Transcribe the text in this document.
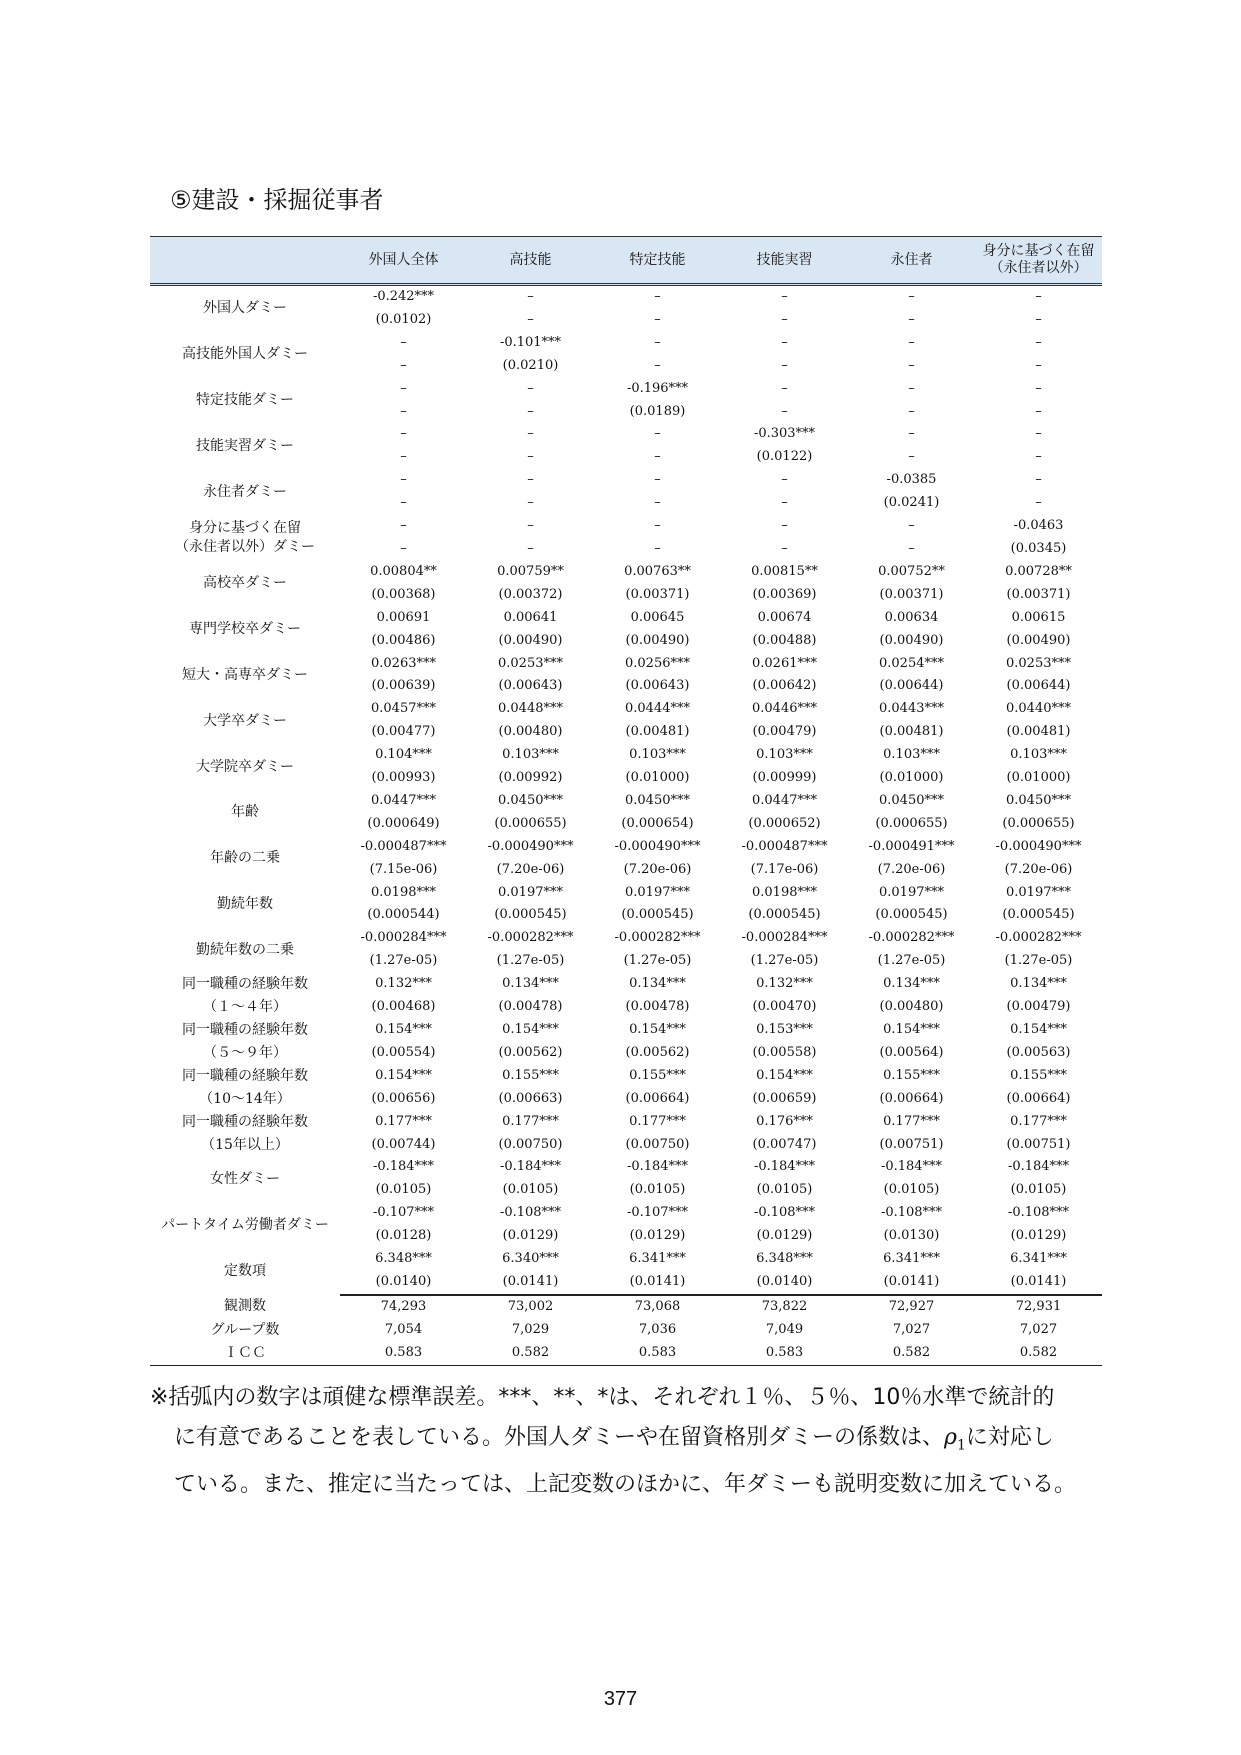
⑤建設・採掘従事者
	外国人全体	高技能	特定技能	技能実習	永住者	身分に基づく在留
（永住者以外）
外国人ダミー	-0.242***	–	–	–	–	–
	(0.0102)	–	–	–	–	–
高技能外国人ダミー	–	-0.101***	–	–	–	–
	–	(0.0210)	–	–	–	–
特定技能ダミー	–	–	-0.196***	–	–	–
	–	–	(0.0189)	–	–	–
技能実習ダミー	–	–	–	-0.303***	–	–
	–	–	–	(0.0122)	–	–
永住者ダミー	–	–	–	–	-0.0385	–
	–	–	–	–	(0.0241)	–
身分に基づく在留
（永住者以外）ダミー	–	–	–	–	–	-0.0463
	–	–	–	–	–	(0.0345)
高校卒ダミー	0.00804**	0.00759**	0.00763**	0.00815**	0.00752**	0.00728**
	(0.00368)	(0.00372)	(0.00371)	(0.00369)	(0.00371)	(0.00371)
専門学校卒ダミー	0.00691	0.00641	0.00645	0.00674	0.00634	0.00615
	(0.00486)	(0.00490)	(0.00490)	(0.00488)	(0.00490)	(0.00490)
短大・高専卒ダミー	0.0263***	0.0253***	0.0256***	0.0261***	0.0254***	0.0253***
	(0.00639)	(0.00643)	(0.00643)	(0.00642)	(0.00644)	(0.00644)
大学卒ダミー	0.0457***	0.0448***	0.0444***	0.0446***	0.0443***	0.0440***
	(0.00477)	(0.00480)	(0.00481)	(0.00479)	(0.00481)	(0.00481)
大学院卒ダミー	0.104***	0.103***	0.103***	0.103***	0.103***	0.103***
	(0.00993)	(0.00992)	(0.01000)	(0.00999)	(0.01000)	(0.01000)
年齢	0.0447***	0.0450***	0.0450***	0.0447***	0.0450***	0.0450***
	(0.000649)	(0.000655)	(0.000654)	(0.000652)	(0.000655)	(0.000655)
年齢の二乗	-0.000487***	-0.000490***	-0.000490***	-0.000487***	-0.000491***	-0.000490***
	(7.15e-06)	(7.20e-06)	(7.20e-06)	(7.17e-06)	(7.20e-06)	(7.20e-06)
勤続年数	0.0198***	0.0197***	0.0197***	0.0198***	0.0197***	0.0197***
	(0.000544)	(0.000545)	(0.000545)	(0.000545)	(0.000545)	(0.000545)
勤続年数の二乗	-0.000284***	-0.000282***	-0.000282***	-0.000284***	-0.000282***	-0.000282***
	(1.27e-05)	(1.27e-05)	(1.27e-05)	(1.27e-05)	(1.27e-05)	(1.27e-05)
同一職種の経験年数	0.132***	0.134***	0.134***	0.132***	0.134***	0.134***
（１～４年）	(0.00468)	(0.00478)	(0.00478)	(0.00470)	(0.00480)	(0.00479)
同一職種の経験年数	0.154***	0.154***	0.154***	0.153***	0.154***	0.154***
（５～９年）	(0.00554)	(0.00562)	(0.00562)	(0.00558)	(0.00564)	(0.00563)
同一職種の経験年数	0.154***	0.155***	0.155***	0.154***	0.155***	0.155***
（10～14年）	(0.00656)	(0.00663)	(0.00664)	(0.00659)	(0.00664)	(0.00664)
同一職種の経験年数	0.177***	0.177***	0.177***	0.176***	0.177***	0.177***
（15年以上）	(0.00744)	(0.00750)	(0.00750)	(0.00747)	(0.00751)	(0.00751)
女性ダミー	-0.184***	-0.184***	-0.184***	-0.184***	-0.184***	-0.184***
	(0.0105)	(0.0105)	(0.0105)	(0.0105)	(0.0105)	(0.0105)
パートタイム労働者ダミー	-0.107***	-0.108***	-0.107***	-0.108***	-0.108***	-0.108***
	(0.0128)	(0.0129)	(0.0129)	(0.0129)	(0.0130)	(0.0129)
定数項	6.348***	6.340***	6.341***	6.348***	6.341***	6.341***
	(0.0140)	(0.0141)	(0.0141)	(0.0140)	(0.0141)	(0.0141)
観測数	74,293	73,002	73,068	73,822	72,927	72,931
グループ数	7,054	7,029	7,036	7,049	7,027	7,027
ＩＣＣ	0.583	0.582	0.583	0.583	0.582	0.582
※括弧内の数字は頑健な標準誤差。***、**、*は、それぞれ１％、５％、10％水準で統計的
に有意であることを表している。外国人ダミーや在留資格別ダミーの係数は、$\rho_1$に対応し
ている。また、推定に当たっては、上記変数のほかに、年ダミーも説明変数に加えている。
377
